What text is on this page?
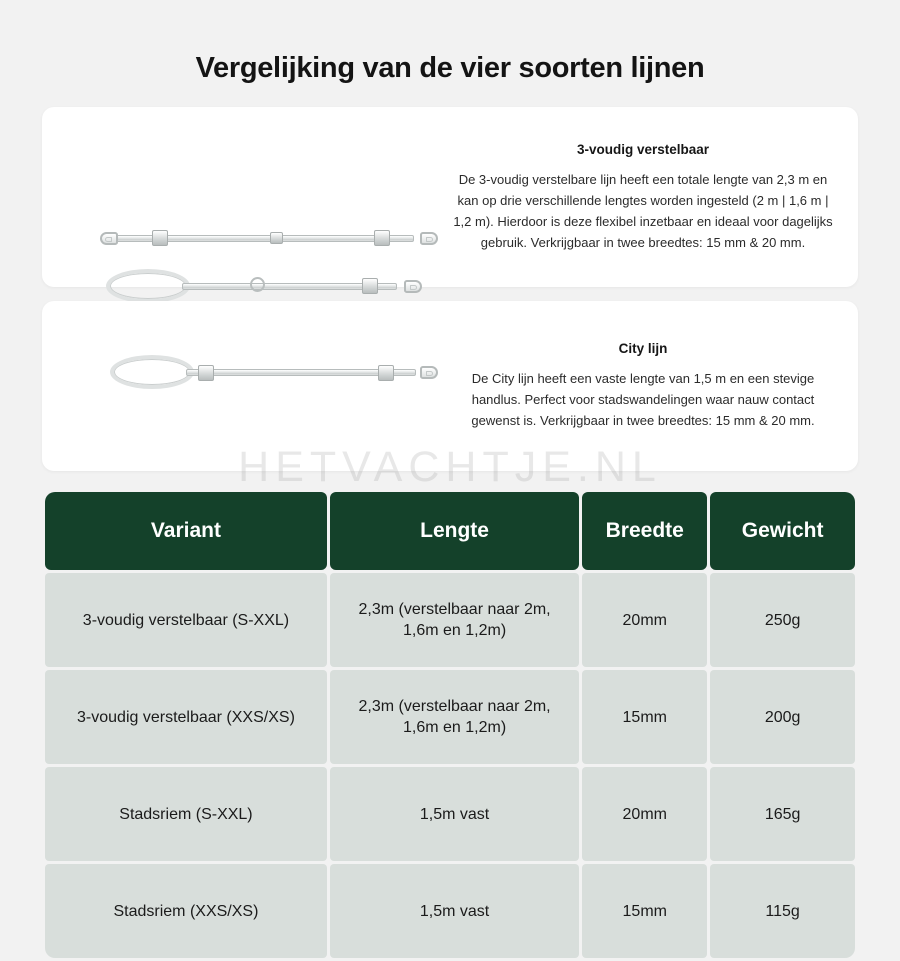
Vergelijking van de vier soorten lijnen
3-voudig verstelbaar
De 3-voudig verstelbare lijn heeft een totale lengte van 2,3 m en kan op drie verschillende lengtes worden ingesteld (2 m | 1,6 m | 1,2 m). Hierdoor is deze flexibel inzetbaar en ideaal voor dagelijks gebruik. Verkrijgbaar in twee breedtes: 15 mm & 20 mm.
City lijn
De City lijn heeft een vaste lengte van 1,5 m en een stevige handlus. Perfect voor stadswandelingen waar nauw contact gewenst is. Verkrijgbaar in twee breedtes: 15 mm & 20 mm.
HETVACHTJE.NL
Variant	Lengte	Breedte	Gewicht
3-voudig verstelbaar (S-XXL)	2,3m (verstelbaar naar 2m, 1,6m en 1,2m)	20mm	250g
3-voudig verstelbaar (XXS/XS)	2,3m (verstelbaar naar 2m, 1,6m en 1,2m)	15mm	200g
Stadsriem (S-XXL)	1,5m vast	20mm	165g
Stadsriem (XXS/XS)	1,5m vast	15mm	115g
